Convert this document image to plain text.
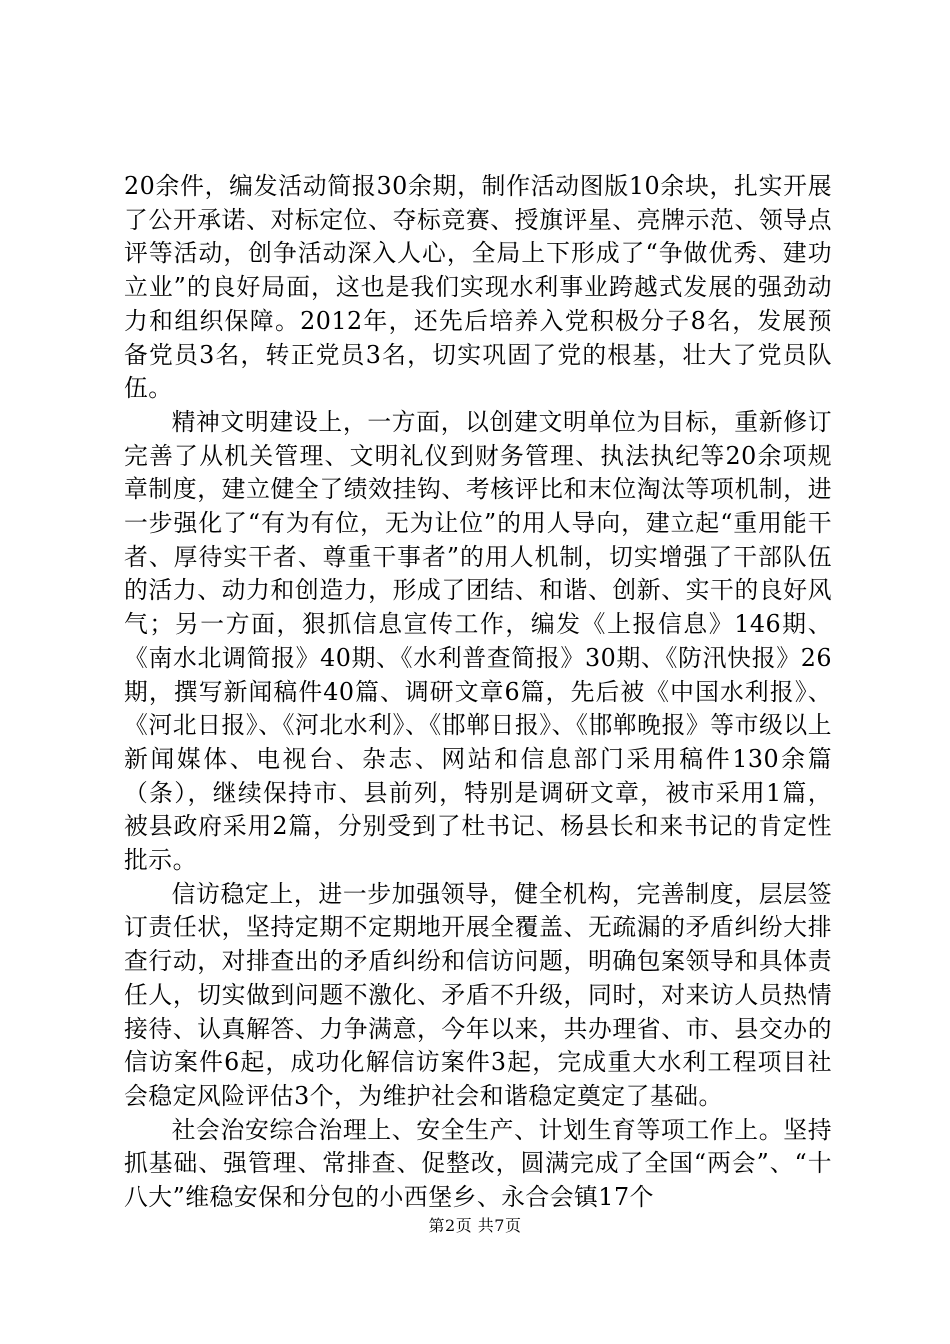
20余件，编发活动简报30余期，制作活动图版10余块，扎实开展了公开承诺、对标定位、夺标竞赛、授旗评星、亮牌示范、领导点评等活动，创争活动深入人心，全局上下形成了“争做优秀、建功立业”的良好局面，这也是我们实现水利事业跨越式发展的强劲动力和组织保障。2012年，还先后培养入党积极分子8名，发展预备党员3名，转正党员3名，切实巩固了党的根基，壮大了党员队伍。

精神文明建设上，一方面，以创建文明单位为目标，重新修订完善了从机关管理、文明礼仪到财务管理、执法执纪等20余项规章制度，建立健全了绩效挂钩、考核评比和末位淘汰等项机制，进一步强化了“有为有位，无为让位”的用人导向，建立起“重用能干者、厚待实干者、尊重干事者”的用人机制，切实增强了干部队伍的活力、动力和创造力，形成了团结、和谐、创新、实干的良好风气；另一方面，狠抓信息宣传工作，编发《上报信息》146期、《南水北调简报》40期、《水利普查简报》30期、《防汛快报》26期，撰写新闻稿件40篇、调研文章6篇，先后被《中国水利报》、《河北日报》、《河北水利》、《邯郸日报》、《邯郸晚报》等市级以上新闻媒体、电视台、杂志、网站和信息部门采用稿件130余篇（条），继续保持市、县前列，特别是调研文章，被市采用1篇，被县政府采用2篇，分别受到了杜书记、杨县长和来书记的肯定性批示。

信访稳定上，进一步加强领导，健全机构，完善制度，层层签订责任状，坚持定期不定期地开展全覆盖、无疏漏的矛盾纠纷大排查行动，对排查出的矛盾纠纷和信访问题，明确包案领导和具体责任人，切实做到问题不激化、矛盾不升级，同时，对来访人员热情接待、认真解答、力争满意，今年以来，共办理省、市、县交办的信访案件6起，成功化解信访案件3起，完成重大水利工程项目社会稳定风险评估3个，为维护社会和谐稳定奠定了基础。

社会治安综合治理上、安全生产、计划生育等项工作上。坚持抓基础、强管理、常排查、促整改，圆满完成了全国“两会”、“十八大”维稳安保和分包的小西堡乡、永合会镇17个

第2页 共7页
